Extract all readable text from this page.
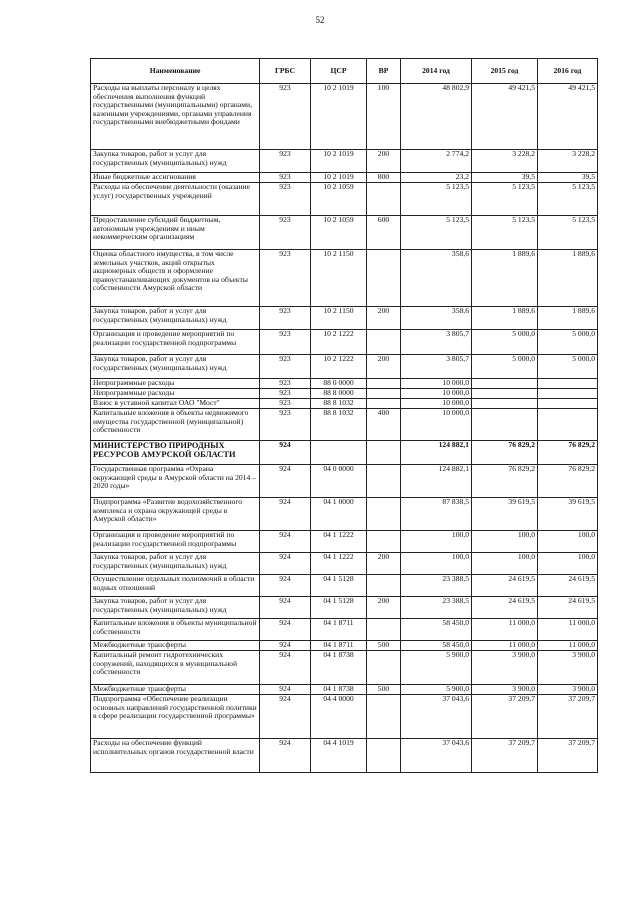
52
Наименование	ГРБС	ЦСР	ВР	2014 год	2015 год	2016 год
Расходы на выплаты персоналу в целях обеспечения выполнения функций государственными (муниципальными) органами, казенными учреждениями, органами управления государственными внебюджетными фондами	923	10 2 1019	100	48 802,9	49 421,5	49 421,5
Закупка товаров, работ и услуг для государственных (муниципальных) нужд	923	10 2 1019	200	2 774,2	3 228,2	3 228,2
Иные бюджетные ассигнования	923	10 2 1019	800	23,2	39,5	39,5
Расходы на обеспечение деятельности (оказание услуг) государственных учреждений	923	10 2 1059		5 123,5	5 123,5	5 123,5
Предоставление субсидий бюджетным, автономным учреждениям и иным некоммерческим организациям	923	10 2 1059	600	5 123,5	5 123,5	5 123,5
Оценка областного имущества, в том числе земельных участков, акций открытых акционерных обществ и оформление правоустанавливающих документов на объекты собственности Амурской области	923	10 2 1150		358,6	1 889,6	1 889,6
Закупка товаров, работ и услуг для государственных (муниципальных) нужд	923	10 2 1150	200	358,6	1 889,6	1 889,6
Организация и проведение мероприятий по реализации государственной подпрограммы	923	10 2 1222		3 805,7	5 000,0	5 000,0
Закупка товаров, работ и услуг для государственных (муниципальных) нужд	923	10 2 1222	200	3 805,7	5 000,0	5 000,0
Непрограммные расходы	923	88 0 0000		10 000,0		
Непрограммные расходы	923	88 8 0000		10 000,0		
Взнос в уставной капитал ОАО "Мост"	923	88 8 1032		10 000,0		
Капитальные вложения в объекты недвижимого имущества государственной (муниципальной) собственности	923	88 8 1032	400	10 000,0		
МИНИСТЕРСТВО ПРИРОДНЫХ РЕСУРСОВ АМУРСКОЙ ОБЛАСТИ	924			124 882,1	76 829,2	76 829,2
Государственная программа «Охрана окружающей среды в Амурской области на 2014 – 2020 годы»	924	04 0 0000		124 882,1	76 829,2	76 829,2
Подпрограмма «Развитие водохозяйственного комплекса и охрана окружающей среды в Амурской области»	924	04 1 0000		87 838,5	39 619,5	39 619,5
Организация и проведение мероприятий по реализации государственной подпрограммы	924	04 1 1222		100,0	100,0	100,0
Закупка товаров, работ и услуг для государственных (муниципальных) нужд	924	04 1 1222	200	100,0	100,0	100,0
Осуществление отдельных полномочий в области водных отношений	924	04 1 5128		23 388,5	24 619,5	24 619,5
Закупка товаров, работ и услуг для государственных (муниципальных) нужд	924	04 1 5128	200	23 388,5	24 619,5	24 619,5
Капитальные вложения в объекты муниципальной собственности	924	04 1 8711		58 450,0	11 000,0	11 000,0
Межбюджетные трансферты	924	04 1 8711	500	58 450,0	11 000,0	11 000,0
Капитальный ремонт гидротехнических сооружений, находящихся в муниципальной собственности	924	04 1 8738		5 900,0	3 900,0	3 900,0
Межбюджетные трансферты	924	04 1 8738	500	5 900,0	3 900,0	3 900,0
Подпрограмма «Обеспечение реализации основных направлений государственной политики в сфере реализации государственной программы»	924	04 4 0000		37 043,6	37 209,7	37 209,7
Расходы на обеспечение функций исполнительных органов государственной власти	924	04 4 1019		37 043,6	37 209,7	37 209,7
